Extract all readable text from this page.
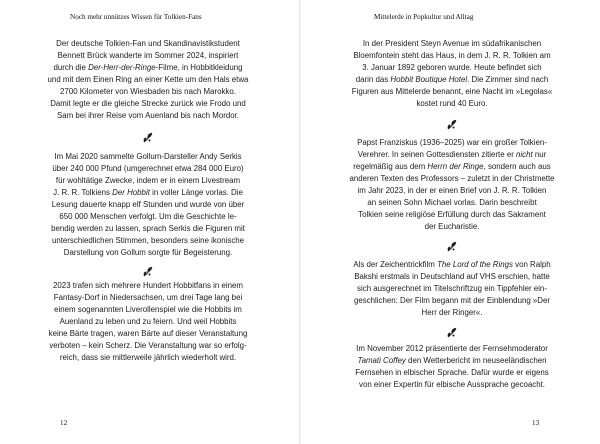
Noch mehr unnützes Wissen für Tolkien-Fans
Der deutsche Tolkien-Fan und Skandinavistikstudent
Bennett Brück wanderte im Sommer 2024, inspiriert
durch die Der-Herr-der-Ringe-Filme, in Hobbitkleidung
und mit dem Einen Ring an einer Kette um den Hals etwa
2700 Kilometer von Wiesbaden bis nach Marokko.
Damit legte er die gleiche Strecke zurück wie Frodo und
Sam bei ihrer Reise vom Auenland bis nach Mordor.
Im Mai 2020 sammelte Gollum-Darsteller Andy Serkis
über 240 000 Pfund (umgerechnet etwa 284 000 Euro)
für wohltätige Zwecke, indem er in einem Livestream
J. R. R. Tolkiens Der Hobbit in voller Länge vorlas. Die
Lesung dauerte knapp elf Stunden und wurde von über
650 000 Menschen verfolgt. Um die Geschichte le-
bendig werden zu lassen, sprach Serkis die Figuren mit
unterschiedlichen Stimmen, besonders seine ikonische
Darstellung von Gollum sorgte für Begeisterung.
2023 trafen sich mehrere Hundert Hobbitfans in einem
Fantasy-Dorf in Niedersachsen, um drei Tage lang bei
einem sogenannten Liverollenspiel wie die Hobbits im
Auenland zu leben und zu feiern. Und weil Hobbits
keine Bärte tragen, waren Bärte auf dieser Veranstaltung
verboten – kein Scherz. Die Veranstaltung war so erfolg-
reich, dass sie mittlerweile jährlich wiederholt wird.
12
Mittelerde in Popkultur und Alltag
In der President Steyn Avenue im südafrikanischen
Bloemfontein steht das Haus, in dem J. R. R. Tolkien am
3. Januar 1892 geboren wurde. Heute befindet sich
darin das Hobbit Boutique Hotel. Die Zimmer sind nach
Figuren aus Mittelerde benannt, eine Nacht im »Legolas«
kostet rund 40 Euro.
Papst Franziskus (1936–2025) war ein großer Tolkien-
Verehrer. In seinen Gottesdiensten zitierte er nicht nur
regelmäßig aus dem Herrn der Ringe, sondern auch aus
anderen Texten des Professors – zuletzt in der Christmette
im Jahr 2023, in der er einen Brief von J. R. R. Tolkien
an seinen Sohn Michael vorlas. Darin beschreibt
Tolkien seine religiöse Erfüllung durch das Sakrament
der Eucharistie.
Als der Zeichentrickfilm The Lord of the Rings von Ralph
Bakshi erstmals in Deutschland auf VHS erschien, hatte
sich ausgerechnet im Titelschriftzug ein Tippfehler ein-
geschlichen: Der Film begann mit der Einblendung »Der
Herr der Ringer«.
Im November 2012 präsentierte der Fernsehmoderator
Tamati Coffey den Wetterbericht im neuseeländischen
Fernsehen in elbischer Sprache. Dafür wurde er eigens
von einer Expertin für elbische Aussprache gecoacht.
13
